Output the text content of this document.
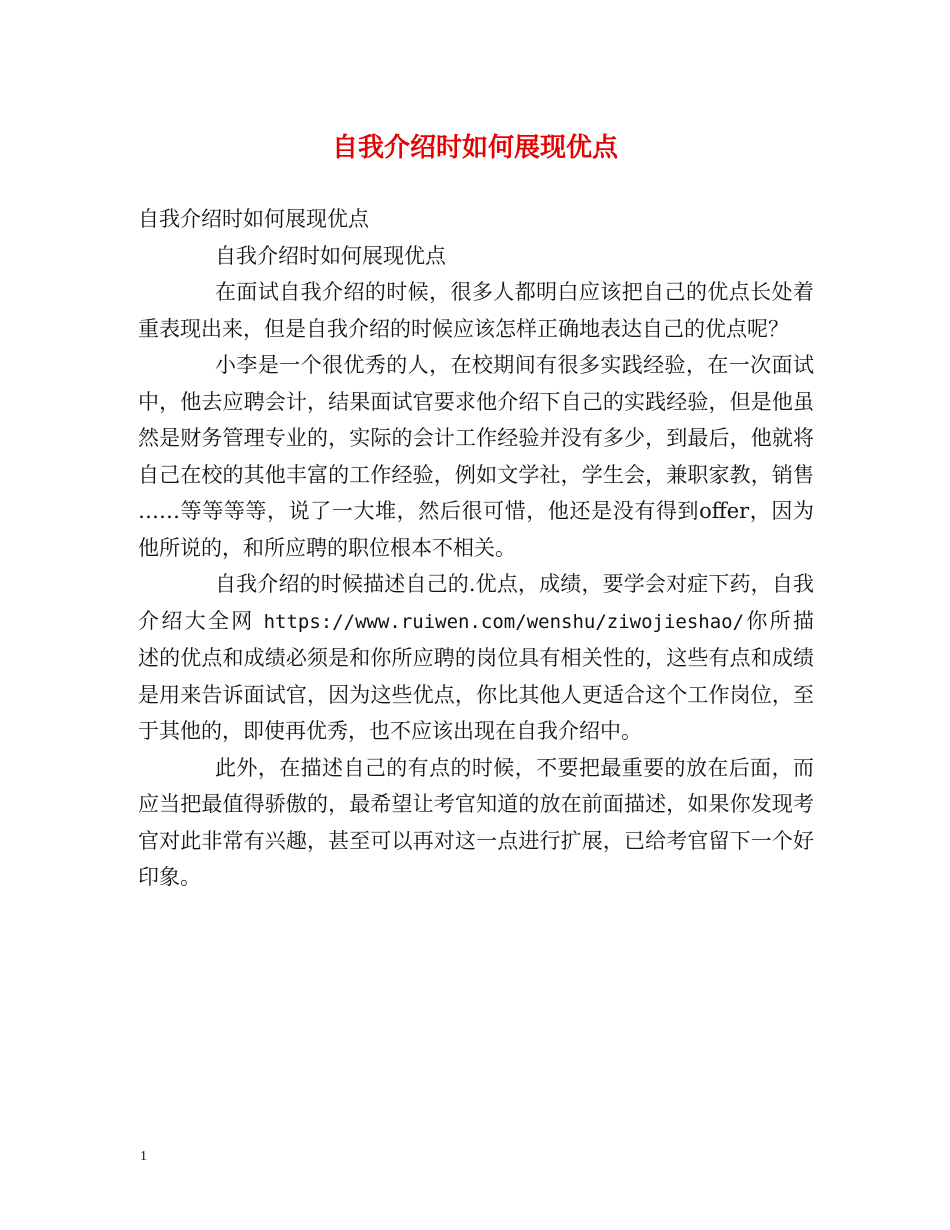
自我介绍时如何展现优点

自我介绍时如何展现优点

自我介绍时如何展现优点

在面试自我介绍的时候，很多人都明白应该把自己的优点长处着重表现出来，但是自我介绍的时候应该怎样正确地表达自己的优点呢？

小李是一个很优秀的人，在校期间有很多实践经验，在一次面试中，他去应聘会计，结果面试官要求他介绍下自己的实践经验，但是他虽然是财务管理专业的，实际的会计工作经验并没有多少，到最后，他就将自己在校的其他丰富的工作经验，例如文学社，学生会，兼职家教，销售……等等等等，说了一大堆，然后很可惜，他还是没有得到offer，因为他所说的，和所应聘的职位根本不相关。

自我介绍的时候描述自己的.优点，成绩，要学会对症下药，自我介绍大全网 https://www.ruiwen.com/wenshu/ziwojieshao/你所描述的优点和成绩必须是和你所应聘的岗位具有相关性的，这些有点和成绩是用来告诉面试官，因为这些优点，你比其他人更适合这个工作岗位，至于其他的，即使再优秀，也不应该出现在自我介绍中。

此外，在描述自己的有点的时候，不要把最重要的放在后面，而应当把最值得骄傲的，最希望让考官知道的放在前面描述，如果你发现考官对此非常有兴趣，甚至可以再对这一点进行扩展，已给考官留下一个好印象。

1
